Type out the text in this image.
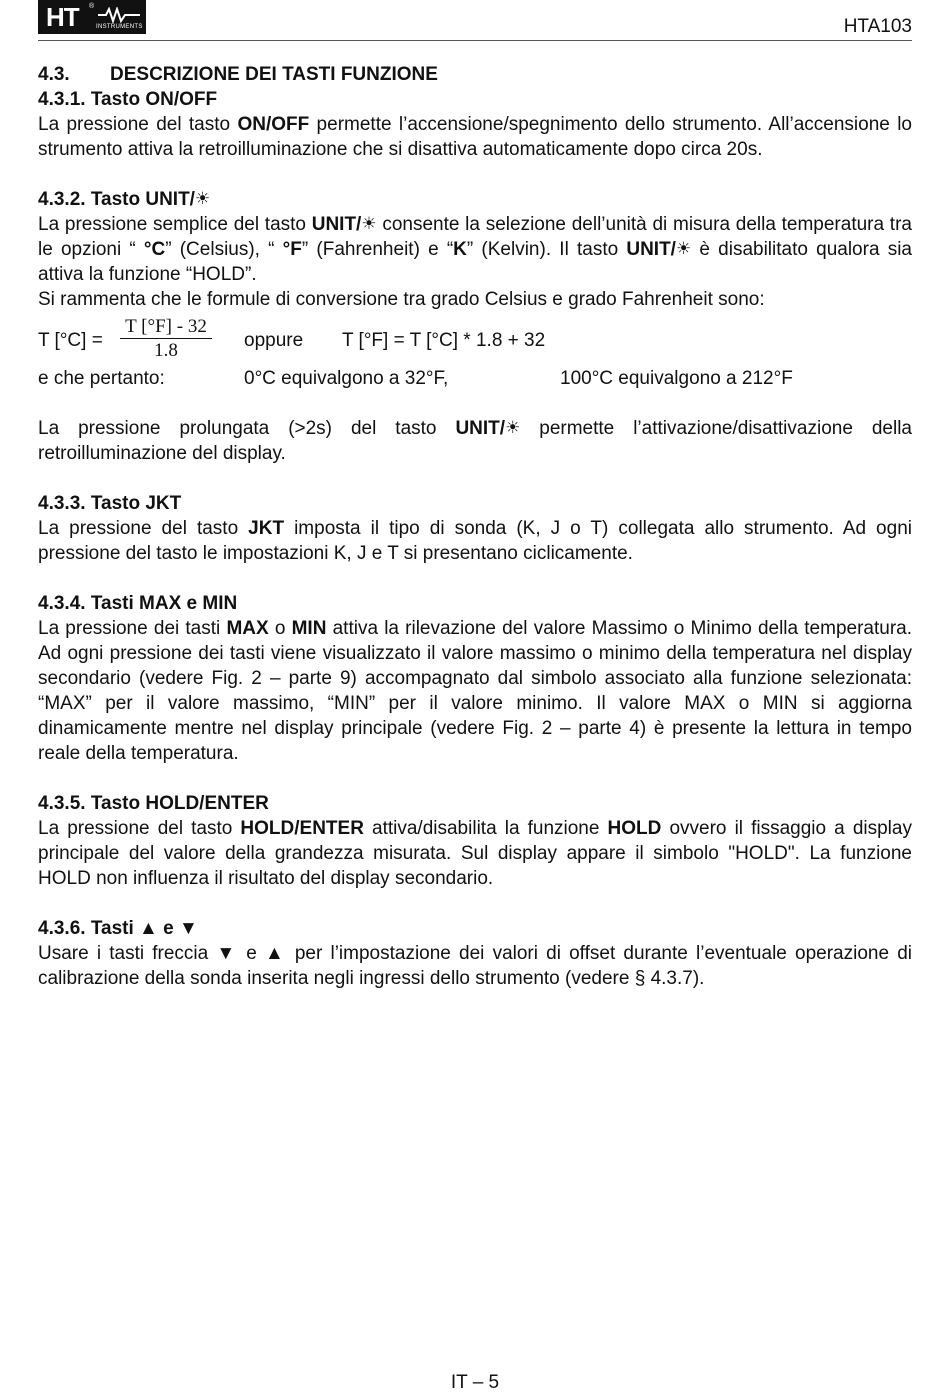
HT ®
INSTRUMENTS	HTA103
4.3.	DESCRIZIONE DEI TASTI FUNZIONE

4.3.1. Tasto ON/OFF

La pressione del tasto ON/OFF permette l’accensione/spegnimento dello strumento. All’accensione lo strumento attiva la retroilluminazione che si disattiva automaticamente dopo circa 20s.

4.3.2. Tasto UNIT/☀

La pressione semplice del tasto UNIT/☀ consente la selezione dell’unità di misura della temperatura tra le opzioni “ °C” (Celsius), “ °F” (Fahrenheit) e “K” (Kelvin). Il tasto UNIT/☀ è disabilitato qualora sia attiva la funzione “HOLD”.

Si rammenta che le formule di conversione tra grado Celsius e grado Fahrenheit sono:

T $[^\circ C] = \frac{T [^\circ F] - 32}{1.8}$ oppure T [°F] = T [°C] * 1.8 + 32
e che pertanto:	0°C equivalgono a 32°F,	100°C equivalgono a 212°F

La pressione prolungata (>2s) del tasto UNIT/☀ permette l’attivazione/disattivazione della retroilluminazione del display.

4.3.3. Tasto JKT

La pressione del tasto JKT imposta il tipo di sonda (K, J o T) collegata allo strumento. Ad ogni pressione del tasto le impostazioni K, J e T si presentano ciclicamente.

4.3.4. Tasti MAX e MIN

La pressione dei tasti MAX o MIN attiva la rilevazione del valore Massimo o Minimo della temperatura. Ad ogni pressione dei tasti viene visualizzato il valore massimo o minimo della temperatura nel display secondario (vedere Fig. 2 – parte 9) accompagnato dal simbolo associato alla funzione selezionata: “MAX” per il valore massimo, “MIN” per il valore minimo. Il valore MAX o MIN si aggiorna dinamicamente mentre nel display principale (vedere Fig. 2 – parte 4) è presente la lettura in tempo reale della temperatura.

4.3.5. Tasto HOLD/ENTER

La pressione del tasto HOLD/ENTER attiva/disabilita la funzione HOLD ovvero il fissaggio a display principale del valore della grandezza misurata. Sul display appare il simbolo "HOLD". La funzione HOLD non influenza il risultato del display secondario.

4.3.6. Tasti ▲ e ▼

Usare i tasti freccia ▼ e ▲ per l’impostazione dei valori di offset durante l’eventuale operazione di calibrazione della sonda inserita negli ingressi dello strumento (vedere § 4.3.7).

IT – 5
